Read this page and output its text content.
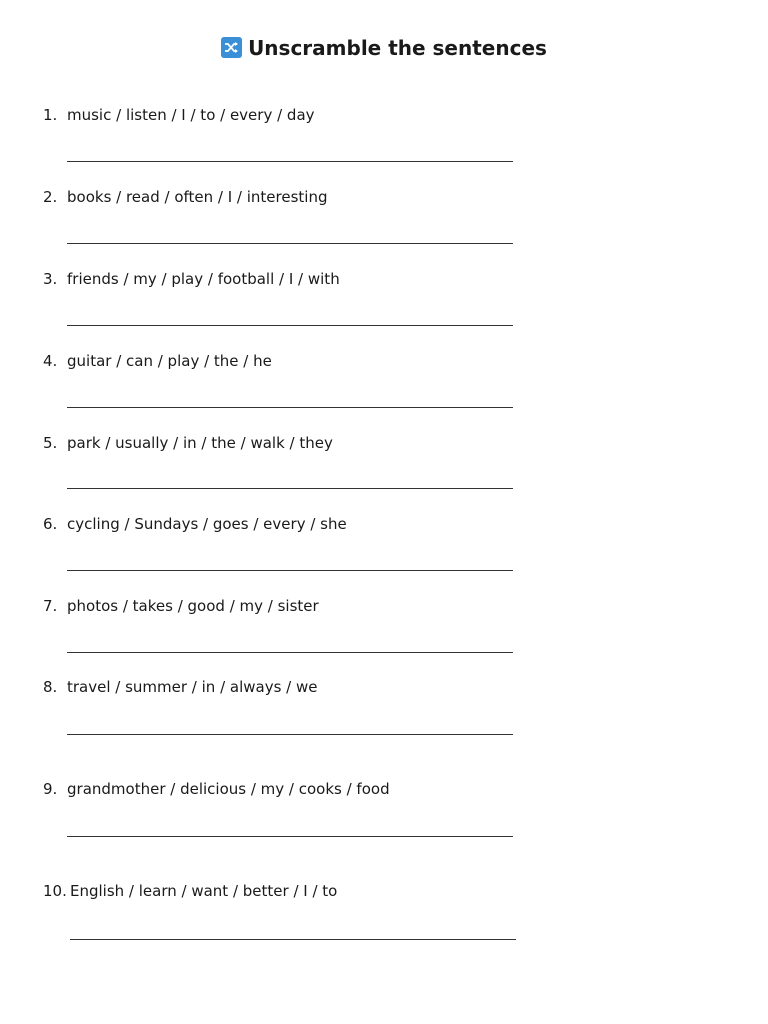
Unscramble the sentences
1. music / listen / I / to / every / day
2. books / read / often / I / interesting
3. friends / my / play / football / I / with
4. guitar / can / play / the / he
5. park / usually / in / the / walk / they
6. cycling / Sundays / goes / every / she
7. photos / takes / good / my / sister
8. travel / summer / in / always / we
9. grandmother / delicious / my / cooks / food
10. English / learn / want / better / I / to
